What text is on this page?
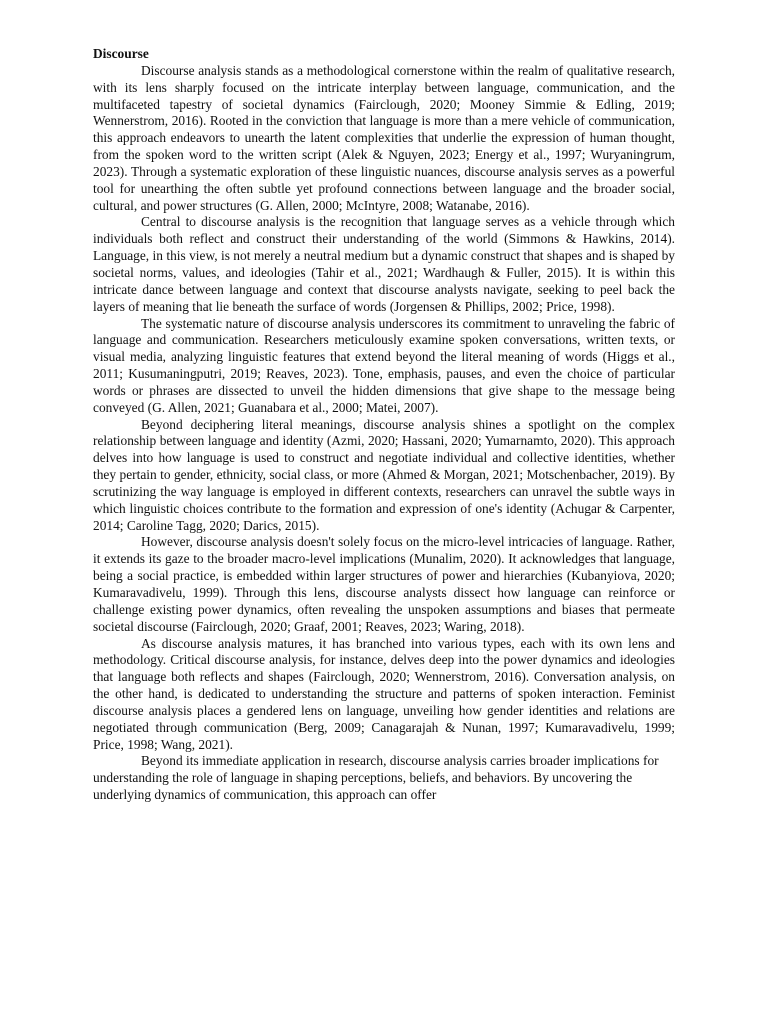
Discourse

Discourse analysis stands as a methodological cornerstone within the realm of qualitative research, with its lens sharply focused on the intricate interplay between language, communication, and the multifaceted tapestry of societal dynamics (Fairclough, 2020; Mooney Simmie & Edling, 2019; Wennerstrom, 2016). Rooted in the conviction that language is more than a mere vehicle of communication, this approach endeavors to unearth the latent complexities that underlie the expression of human thought, from the spoken word to the written script (Alek & Nguyen, 2023; Energy et al., 1997; Wuryaningrum, 2023). Through a systematic exploration of these linguistic nuances, discourse analysis serves as a powerful tool for unearthing the often subtle yet profound connections between language and the broader social, cultural, and power structures (G. Allen, 2000; McIntyre, 2008; Watanabe, 2016).

Central to discourse analysis is the recognition that language serves as a vehicle through which individuals both reflect and construct their understanding of the world (Simmons & Hawkins, 2014). Language, in this view, is not merely a neutral medium but a dynamic construct that shapes and is shaped by societal norms, values, and ideologies (Tahir et al., 2021; Wardhaugh & Fuller, 2015). It is within this intricate dance between language and context that discourse analysts navigate, seeking to peel back the layers of meaning that lie beneath the surface of words (Jorgensen & Phillips, 2002; Price, 1998).

The systematic nature of discourse analysis underscores its commitment to unraveling the fabric of language and communication. Researchers meticulously examine spoken conversations, written texts, or visual media, analyzing linguistic features that extend beyond the literal meaning of words (Higgs et al., 2011; Kusumaningputri, 2019; Reaves, 2023). Tone, emphasis, pauses, and even the choice of particular words or phrases are dissected to unveil the hidden dimensions that give shape to the message being conveyed (G. Allen, 2021; Guanabara et al., 2000; Matei, 2007).

Beyond deciphering literal meanings, discourse analysis shines a spotlight on the complex relationship between language and identity (Azmi, 2020; Hassani, 2020; Yumarnamto, 2020). This approach delves into how language is used to construct and negotiate individual and collective identities, whether they pertain to gender, ethnicity, social class, or more (Ahmed & Morgan, 2021; Motschenbacher, 2019). By scrutinizing the way language is employed in different contexts, researchers can unravel the subtle ways in which linguistic choices contribute to the formation and expression of one's identity (Achugar & Carpenter, 2014; Caroline Tagg, 2020; Darics, 2015).

However, discourse analysis doesn't solely focus on the micro-level intricacies of language. Rather, it extends its gaze to the broader macro-level implications (Munalim, 2020). It acknowledges that language, being a social practice, is embedded within larger structures of power and hierarchies (Kubanyiova, 2020; Kumaravadivelu, 1999). Through this lens, discourse analysts dissect how language can reinforce or challenge existing power dynamics, often revealing the unspoken assumptions and biases that permeate societal discourse (Fairclough, 2020; Graaf, 2001; Reaves, 2023; Waring, 2018).

As discourse analysis matures, it has branched into various types, each with its own lens and methodology. Critical discourse analysis, for instance, delves deep into the power dynamics and ideologies that language both reflects and shapes (Fairclough, 2020; Wennerstrom, 2016). Conversation analysis, on the other hand, is dedicated to understanding the structure and patterns of spoken interaction. Feminist discourse analysis places a gendered lens on language, unveiling how gender identities and relations are negotiated through communication (Berg, 2009; Canagarajah & Nunan, 1997; Kumaravadivelu, 1999; Price, 1998; Wang, 2021).

Beyond its immediate application in research, discourse analysis carries broader implications for understanding the role of language in shaping perceptions, beliefs, and behaviors. By uncovering the underlying dynamics of communication, this approach can offer
